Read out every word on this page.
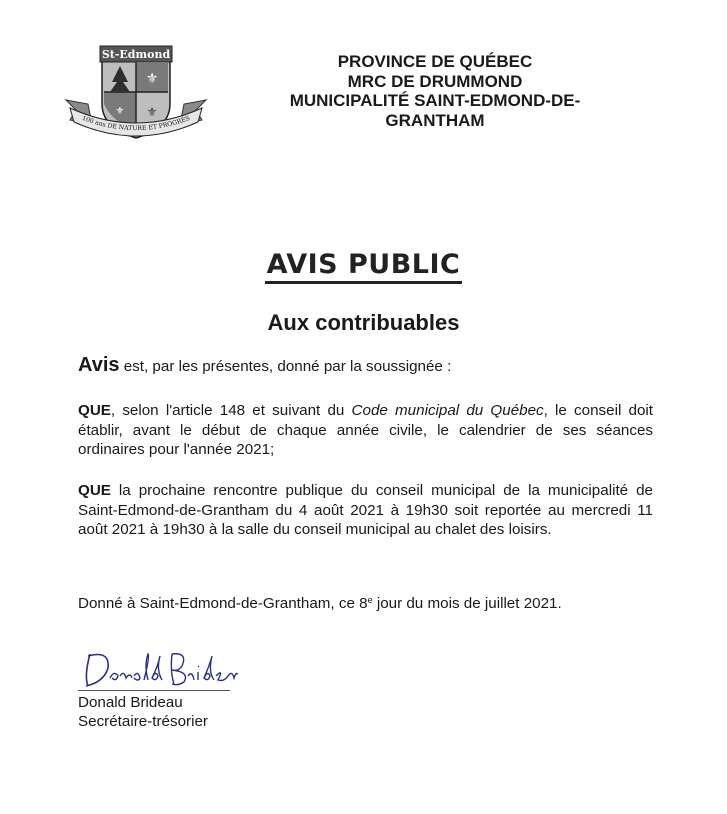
St-Edmond
⚜
⚜
⚜
100 ans DE NATURE ET PROGRÈS
PROVINCE DE QUÉBEC
MRC DE DRUMMOND
MUNICIPALITÉ SAINT-EDMOND-DE-
GRANTHAM
AVIS PUBLIC
Aux contribuables
Avis est, par les présentes, donné par la soussignée :
QUE, selon l'article 148 et suivant du Code municipal du Québec, le conseil doit établir, avant le début de chaque année civile, le calendrier de ses séances ordinaires pour l'année 2021;
QUE la prochaine rencontre publique du conseil municipal de la municipalité de Saint-Edmond-de-Grantham du 4 août 2021 à 19h30 soit reportée au mercredi 11 août 2021 à 19h30 à la salle du conseil municipal au chalet des loisirs.
Donné à Saint-Edmond-de-Grantham, ce 8e jour du mois de juillet 2021.
Donald Brideau
Secrétaire-trésorier
